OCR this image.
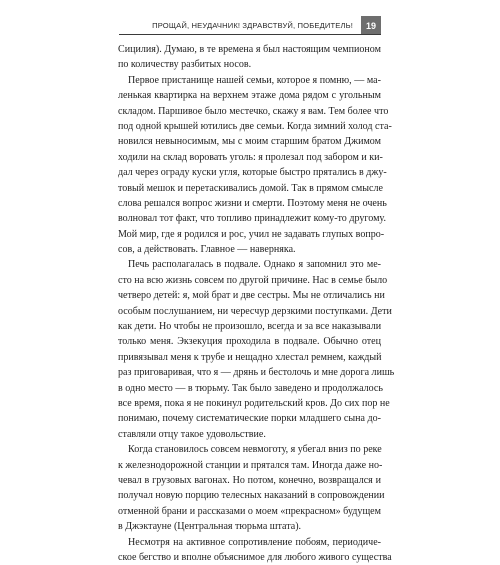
ПРОЩАЙ, НЕУДАЧНИК! ЗДРАВСТВУЙ, ПОБЕДИТЕЛЬ!	19

Сицилия). Думаю, в те времена я был настоящим чемпионом
по количеству разбитых носов.

Первое пристанище нашей семьи, которое я помню, — ма-
ленькая квартирка на верхнем этаже дома рядом с угольным
складом. Паршивое было местечко, скажу я вам. Тем более что
под одной крышей ютились две семьи. Когда зимний холод ста-
новился невыносимым, мы с моим старшим братом Джимом
ходили на склад воровать уголь: я пролезал под забором и ки-
дал через ограду куски угля, которые быстро прятались в джу-
товый мешок и перетаскивались домой. Так в прямом смысле
слова решался вопрос жизни и смерти. Поэтому меня не очень
волновал тот факт, что топливо принадлежит кому-то другому.
Мой мир, где я родился и рос, учил не задавать глупых вопро-
сов, а действовать. Главное — наверняка.

Печь располагалась в подвале. Однако я запомнил это ме-
сто на всю жизнь совсем по другой причине. Нас в семье было
четверо детей: я, мой брат и две сестры. Мы не отличались ни
особым послушанием, ни чересчур дерзкими поступками. Дети
как дети. Но чтобы не произошло, всегда и за все наказывали
только меня. Экзекуция проходила в подвале. Обычно отец
привязывал меня к трубе и нещадно хлестал ремнем, каждый
раз приговаривая, что я — дрянь и бестолочь и мне дорога лишь
в одно место — в тюрьму. Так было заведено и продолжалось
все время, пока я не покинул родительский кров. До сих пор не
понимаю, почему систематические порки младшего сына до-
ставляли отцу такое удовольствие.

Когда становилось совсем невмоготу, я убегал вниз по реке
к железнодорожной станции и прятался там. Иногда даже но-
чевал в грузовых вагонах. Но потом, конечно, возвращался и
получал новую порцию телесных наказаний в сопровождении
отменной брани и рассказами о моем «прекрасном» будущем
в Джэктауне (Центральная тюрьма штата).

Несмотря на активное сопротивление побоям, периодиче-
ское бегство и вполне объяснимое для любого живого существа
